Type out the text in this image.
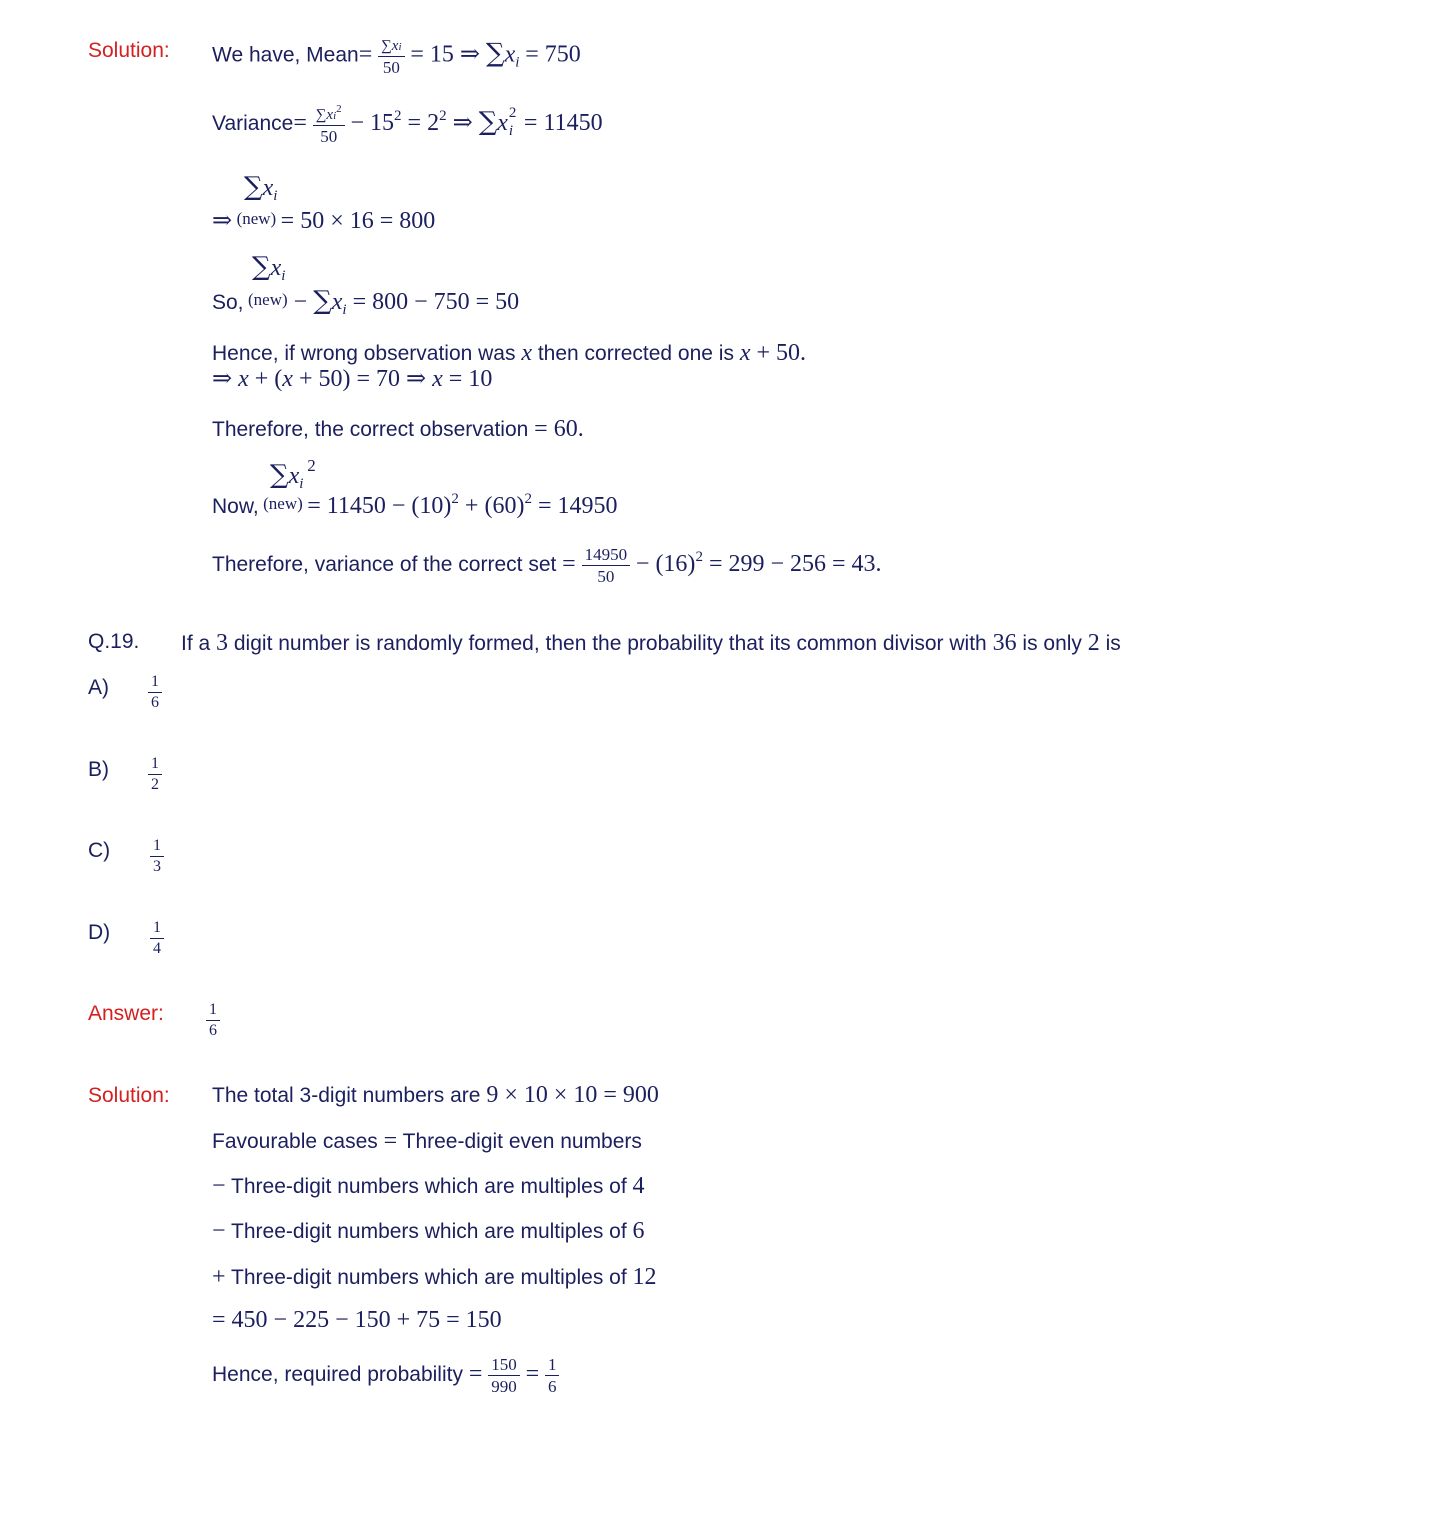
Solution: We have, Mean= $\frac{\sum xi}{50} = 15$ ⇒ $\sum x_i = 750$
Variance= $\frac{\sum xi^2}{50} - 15^2 = 2^2$ ⇒ ∑x 2
i = 11450
$\sum x_i$
⇒ (new) = 50 × 16 = 800
$\sum x_i$
So, $(new) - \sum x_i = 800 - 750 = 50$
Hence, if wrong observation was x then corrected one is x + 50.
⇒ x + (x + 50) = 70 ⇒ x = 10
Therefore, the correct observation = 60.
∑x 2
i
Now, $(new) = 11450 - (10)^2 + (60)^2 = 14950$
Therefore, variance of the correct set = $\frac{14950}{50} - (16)^2 = 299 - 256 = 43$.
Q.19. If a 3 digit number is randomly formed, then the probability that its common divisor with 36 is only 2 is
$A) \frac{1}{6}$
$B) \frac{1}{2}$
$C) \frac{1}{3}$
$D) \frac{1}{4}$
Answer:	$\frac{1}{6}$
Solution: The total 3-digit numbers are 9 × 10 × 10 = 900
Favourable cases = Three-digit even numbers
− Three-digit numbers which are multiples of 4
− Three-digit numbers which are multiples of 6
+ Three-digit numbers which are multiples of 12
= 450 − 225 − 150 + 75 = 150
Hence, required probability = $\frac{150}{990} = \frac{1}{6}$
